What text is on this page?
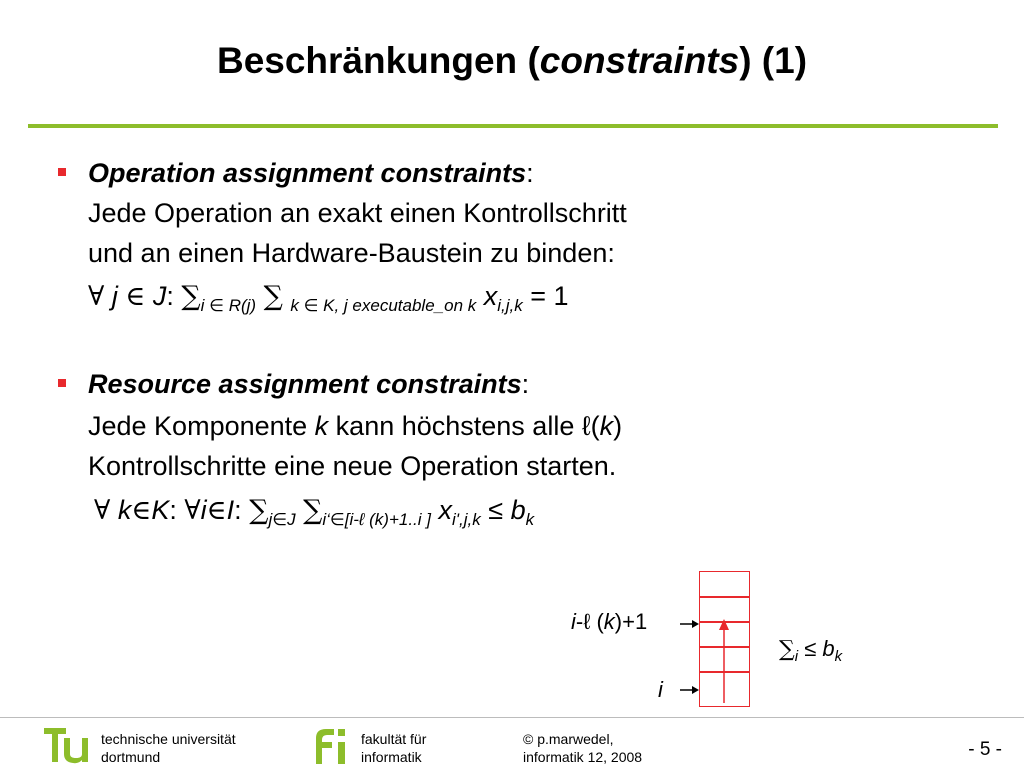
Beschränkungen (constraints) (1)
Operation assignment constraints:
Jede Operation an exakt einen Kontrollschritt
und an einen Hardware-Baustein zu binden:
∀ j ∈ J: $\sum_{i \in R(j)}$ ∑ $_{k \in K, j executable\_on k}$ $x_{i,j,k} = 1$
Resource assignment constraints:
Jede Komponente k kann höchstens alle ℓ(k)
Kontrollschritte eine neue Operation starten.
∀ k∈K: ∀i∈I: $\sum_{j\in J}$ $\sum_{i‘\in[i-\ell (k)+1..i ]}$ $x_{i',j,k} \le b_k$
i-ℓ (k)+1
i
$\sum_i \le b_k$
technische universität
dortmund
fakultät für
informatik
© p.marwedel,
informatik 12, 2008	- 5 -
